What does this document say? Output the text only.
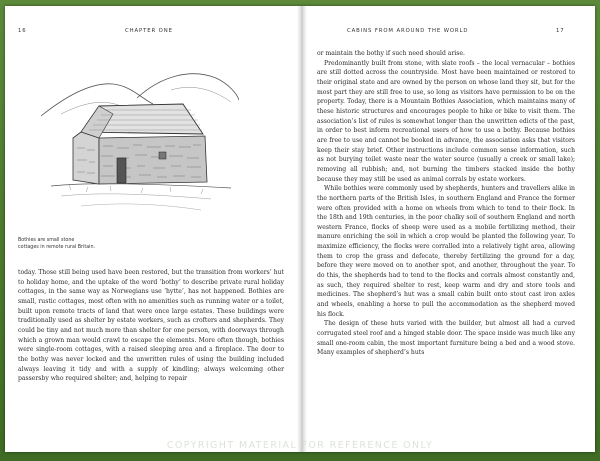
16	CHAPTER ONE
Bothies are small stone
cottages in remote rural Britain.

today. Those still being used have been restored, but the transition from workers’ hut to holiday home, and the uptake of the word ‘bothy’ to describe private rural holiday cottages, in the same way as Norwegians use ‘hytte’, has not happened. Bothies are small, rustic cottages, most often with no amenities such as running water or a toilet, built upon remote tracts of land that were once large estates. These buildings were traditionally used as shelter by estate workers, such as crofters and shepherds. They could be tiny and not much more than shelter for one person, with doorways through which a grown man would crawl to escape the elements. More often though, bothies were single-room cottages, with a raised sleeping area and a fireplace. The door to the bothy was never locked and the unwritten rules of using the building included always leaving it tidy and with a supply of kindling; always welcoming other passersby who required shelter; and, helping to repair

CABINS FROM AROUND THE WORLD	17

or maintain the bothy if such need should arise.

Predominantly built from stone, with slate roofs – the local vernacular – bothies are still dotted across the countryside. Most have been maintained or restored to their original state and are owned by the person on whose land they sit, but for the most part they are still free to use, so long as visitors have permission to be on the property. Today, there is a Mountain Bothies Association, which maintains many of these historic structures and encourages people to hike or bike to visit them. The association’s list of rules is somewhat longer than the unwritten edicts of the past, in order to best inform recreational users of how to use a bothy. Because bothies are free to use and cannot be booked in advance, the association asks that visitors keep their stay brief. Other instructions include common sense information, such as not burying toilet waste near the water source (usually a creek or small lake); removing all rubbish; and, not burning the timbers stacked inside the bothy because they may still be used as animal corrals by estate workers.

While bothies were commonly used by shepherds, hunters and travellers alike in the northern parts of the British Isles, in southern England and France the former were often provided with a home on wheels from which to tend to their flock. In the 18th and 19th centuries, in the poor chalky soil of southern England and north western France, flocks of sheep were used as a mobile fertilizing method, their manure enriching the soil in which a crop would be planted the following year. To maximize efficiency, the flocks were corralled into a relatively tight area, allowing them to crop the grass and defecate, thereby fertilizing the ground for a day, before they were moved on to another spot, and another, throughout the year. To do this, the shepherds had to tend to the flocks and corrals almost constantly and, as such, they required shelter to rest, keep warm and dry and store tools and medicines. The shepherd’s hut was a small cabin built onto stout cast iron axles and wheels, enabling a horse to pull the accommodation as the shepherd moved his flock.

The design of these huts varied with the builder, but almost all had a curved corrugated steel roof and a hinged stable door. The space inside was much like any small one-room cabin, the most important furniture being a bed and a wood stove. Many examples of shepherd’s huts

COPYRIGHT MATERIAL FOR REFERENCE ONLY
